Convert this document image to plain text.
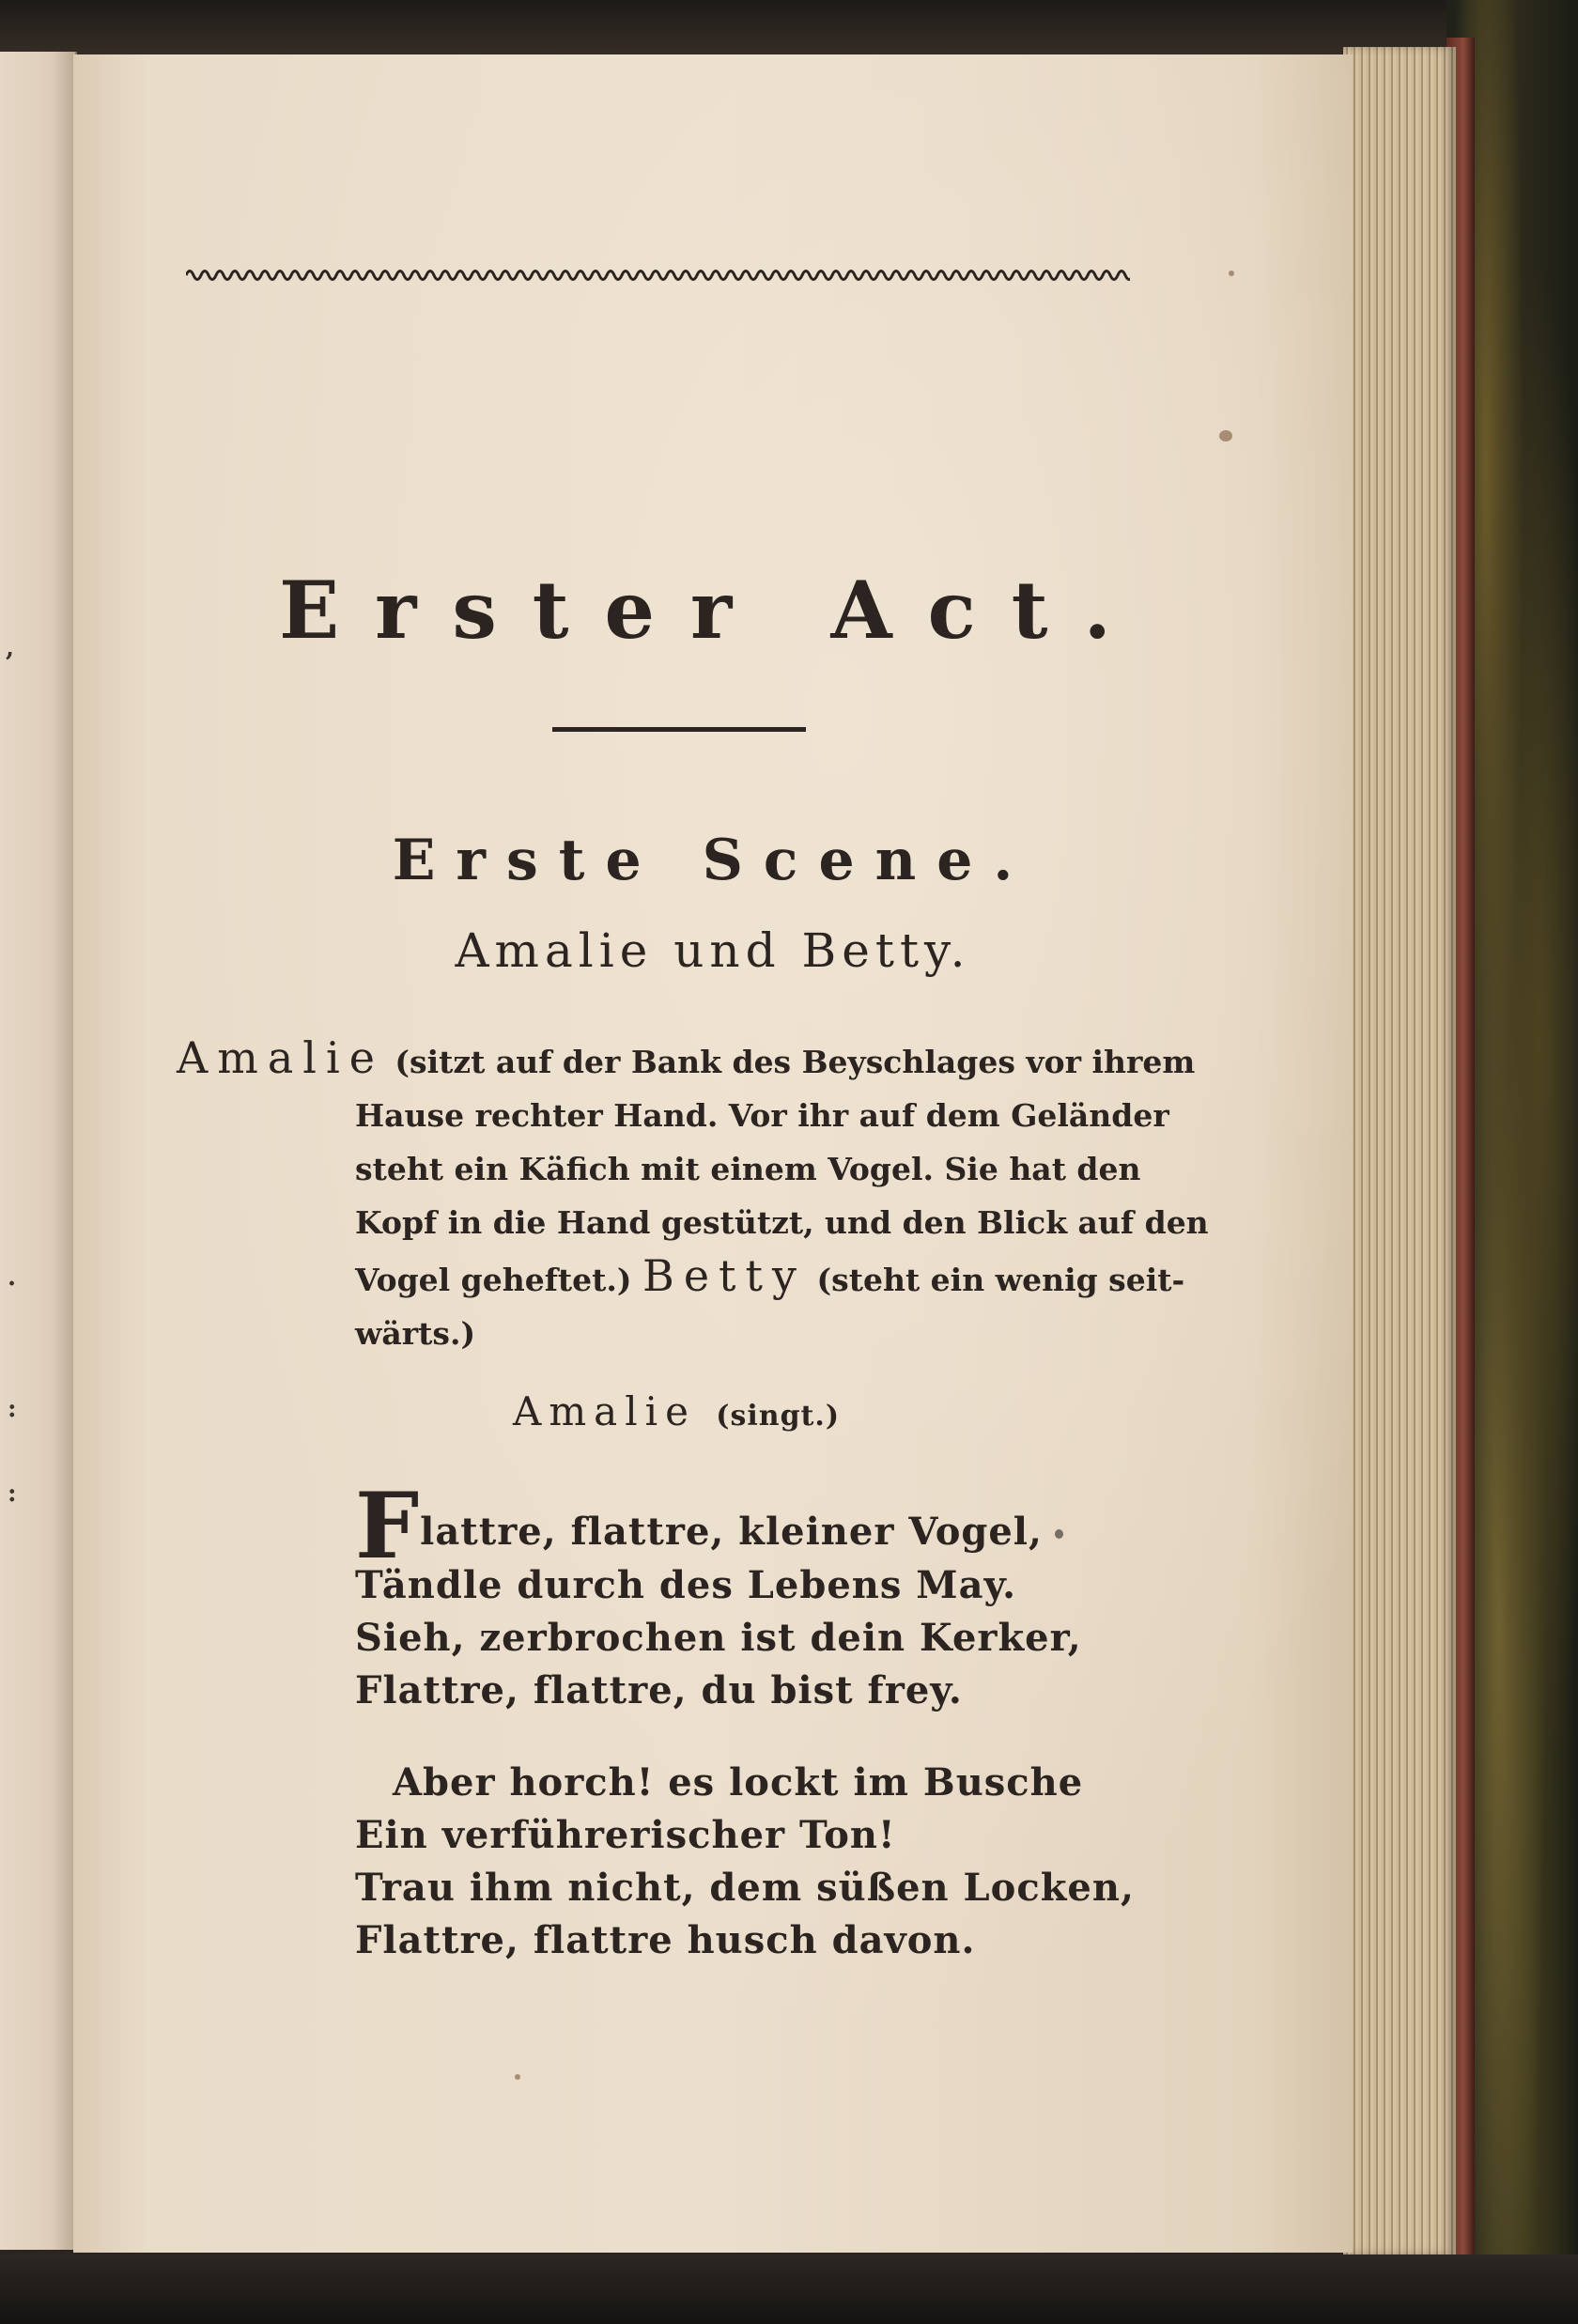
,
.
:
:
Erster Act.
Erste Scene.
Amalie und Betty.
Amalie (sitzt auf der Bank des Beyschlages vor ihrem
Hause rechter Hand. Vor ihr auf dem Geländer
steht ein Käfich mit einem Vogel. Sie hat den
Kopf in die Hand gestützt, und den Blick auf den
Vogel geheftet.) Betty (steht ein wenig seit-
wärts.)
Amalie (singt.)
Flattre, flattre, kleiner Vogel,
Tändle durch des Lebens May.
Sieh, zerbrochen ist dein Kerker,
Flattre, flattre, du bist frey.
Aber horch! es lockt im Busche
Ein verführerischer Ton!
Trau ihm nicht, dem süßen Locken,
Flattre, flattre husch davon.
